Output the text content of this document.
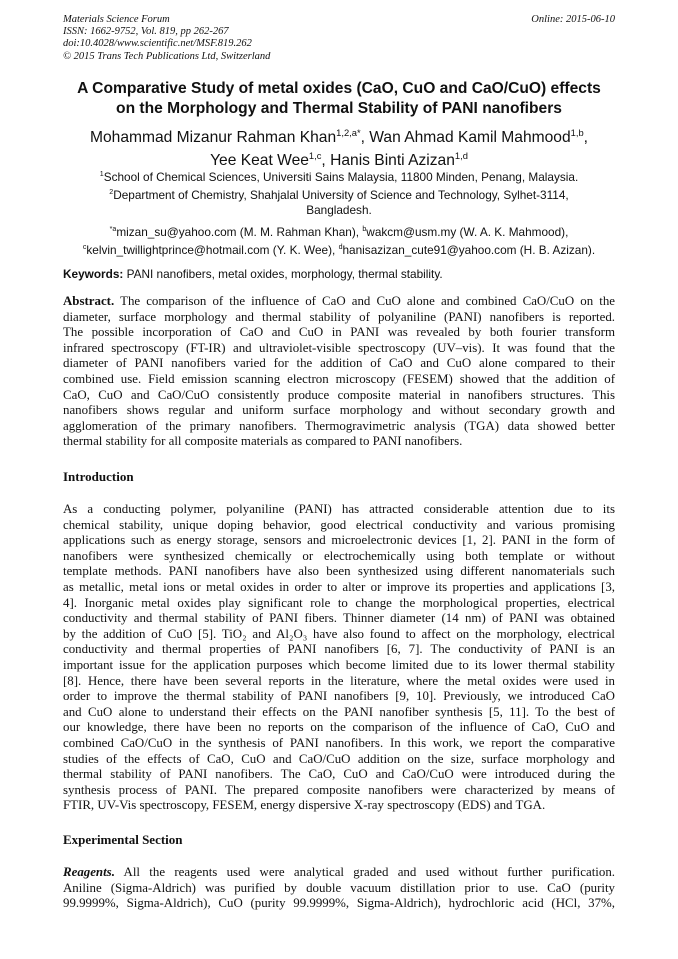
Materials Science Forum
ISSN: 1662-9752, Vol. 819, pp 262-267
doi:10.4028/www.scientific.net/MSF.819.262
© 2015 Trans Tech Publications Ltd, Switzerland
Online: 2015-06-10
A Comparative Study of metal oxides (CaO, CuO and CaO/CuO) effects
on the Morphology and Thermal Stability of PANI nanofibers
Mohammad Mizanur Rahman Khan$^{1,2,a*}$, Wan Ahmad Kamil Mahmood$^{1,b}$,
Yee Keat Wee$^{1,c}$, Hanis Binti Azizan$^{1,d}$
$^1$School of Chemical Sciences, Universiti Sains Malaysia, 11800 Minden, Penang, Malaysia.
$^2$Department of Chemistry, Shahjalal University of Science and Technology, Sylhet-3114,
Bangladesh.
$^{*a}$mizan_su@yahoo.com (M. M. Rahman Khan), $^b$wakcm@usm.my (W. A. K. Mahmood),
$^c$kelvin_twillightprince@hotmail.com (Y. K. Wee), $^d$hanisazizan_cute91@yahoo.com (H. B. Azizan).
Keywords: PANI nanofibers, metal oxides, morphology, thermal stability.
Abstract. The comparison of the influence of CaO and CuO alone and combined CaO/CuO on the
diameter, surface morphology and thermal stability of polyaniline (PANI) nanofibers is reported.
The possible incorporation of CaO and CuO in PANI was revealed by both fourier transform
infrared spectroscopy (FT-IR) and ultraviolet-visible spectroscopy (UV–vis). It was found that the
diameter of PANI nanofibers varied for the addition of CaO and CuO alone compared to their
combined use. Field emission scanning electron microscopy (FESEM) showed that the addition of
CaO, CuO and CaO/CuO consistently produce composite material in nanofibers structures. This
nanofibers shows regular and uniform surface morphology and without secondary growth and
agglomeration of the primary nanofibers. Thermogravimetric analysis (TGA) data showed better
thermal stability for all composite materials as compared to PANI nanofibers.
Introduction
As a conducting polymer, polyaniline (PANI) has attracted considerable attention due to its
chemical stability, unique doping behavior, good electrical conductivity and various promising
applications such as energy storage, sensors and microelectronic devices [1, 2]. PANI in the form of
nanofibers were synthesized chemically or electrochemically using both template or without
template methods. PANI nanofibers have also been synthesized using different nanomaterials such
as metallic, metal ions or metal oxides in order to alter or improve its properties and applications [3,
4]. Inorganic metal oxides play significant role to change the morphological properties, electrical
conductivity and thermal stability of PANI fibers. Thinner diameter (14 nm) of PANI was obtained
by the addition of CuO [5]. TiO₂ and Al₂O₃ have also found to affect on the morphology, electrical
conductivity and thermal properties of PANI nanofibers [6, 7]. The conductivity of PANI is an
important issue for the application purposes which become limited due to its lower thermal stability
[8]. Hence, there have been several reports in the literature, where the metal oxides were used in
order to improve the thermal stability of PANI nanofibers [9, 10]. Previously, we introduced CaO
and CuO alone to understand their effects on the PANI nanofiber synthesis [5, 11]. To the best of
our knowledge, there have been no reports on the comparison of the influence of CaO, CuO and
combined CaO/CuO in the synthesis of PANI nanofibers. In this work, we report the comparative
studies of the effects of CaO, CuO and CaO/CuO addition on the size, surface morphology and
thermal stability of PANI nanofibers. The CaO, CuO and CaO/CuO were introduced during the
synthesis process of PANI. The prepared composite nanofibers were characterized by means of
FTIR, UV-Vis spectroscopy, FESEM, energy dispersive X-ray spectroscopy (EDS) and TGA.
Experimental Section
Reagents. All the reagents used were analytical graded and used without further purification.
Aniline (Sigma-Aldrich) was purified by double vacuum distillation prior to use. CaO (purity
99.9999%, Sigma-Aldrich), CuO (purity 99.9999%, Sigma-Aldrich), hydrochloric acid (HCl, 37%,
